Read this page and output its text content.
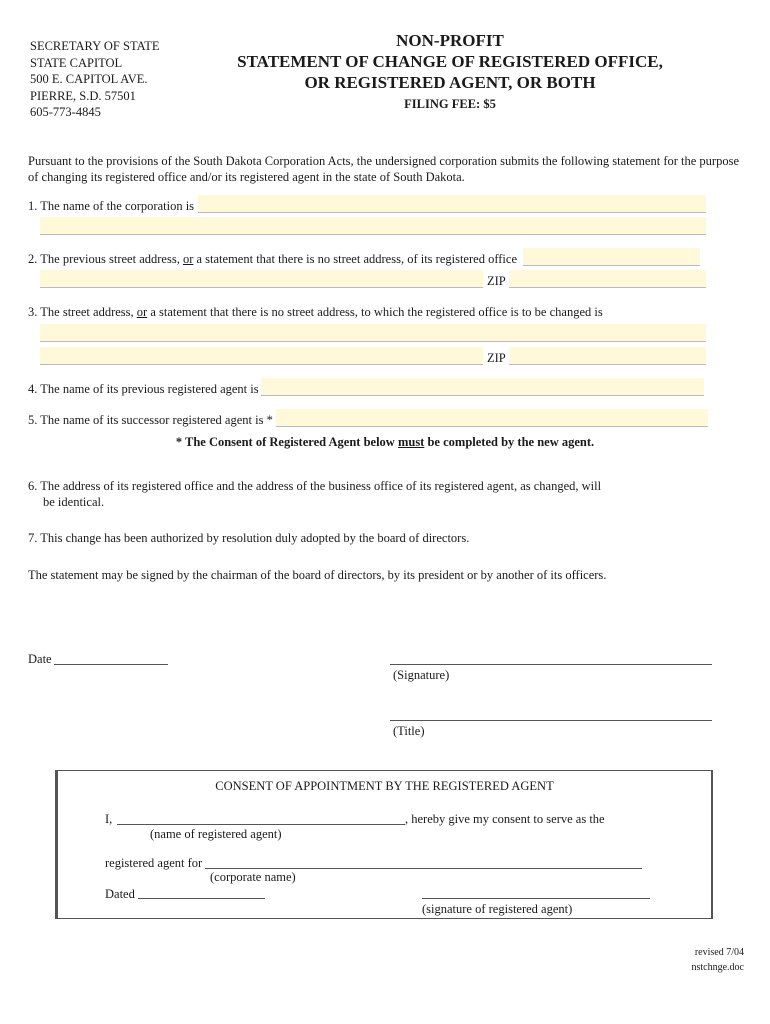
SECRETARY OF STATE
STATE CAPITOL
500 E. CAPITOL AVE.
PIERRE, S.D. 57501
605-773-4845
NON-PROFIT
STATEMENT OF CHANGE OF REGISTERED OFFICE,
OR REGISTERED AGENT, OR BOTH
FILING FEE: $5
Pursuant to the provisions of the South Dakota Corporation Acts, the undersigned corporation submits the following statement for the purpose
of changing its registered office and/or its registered agent in the state of South Dakota.
1. The name of the corporation is
2. The previous street address, or a statement that there is no street address, of its registered office
ZIP
3. The street address, or a statement that there is no street address, to which the registered office is to be changed is
ZIP
4. The name of its previous registered agent is
5. The name of its successor registered agent is *
* The Consent of Registered Agent below must be completed by the new agent.
6. The address of its registered office and the address of the business office of its registered agent, as changed, will
be identical.
7. This change has been authorized by resolution duly adopted by the board of directors.
The statement may be signed by the chairman of the board of directors, by its president or by another of its officers.
Date
(Signature)
(Title)
CONSENT OF APPOINTMENT BY THE REGISTERED AGENT
I,	, hereby give my consent to serve as the
(name of registered agent)
registered agent for
(corporate name)
Dated
(signature of registered agent)
revised 7/04
nstchnge.doc
